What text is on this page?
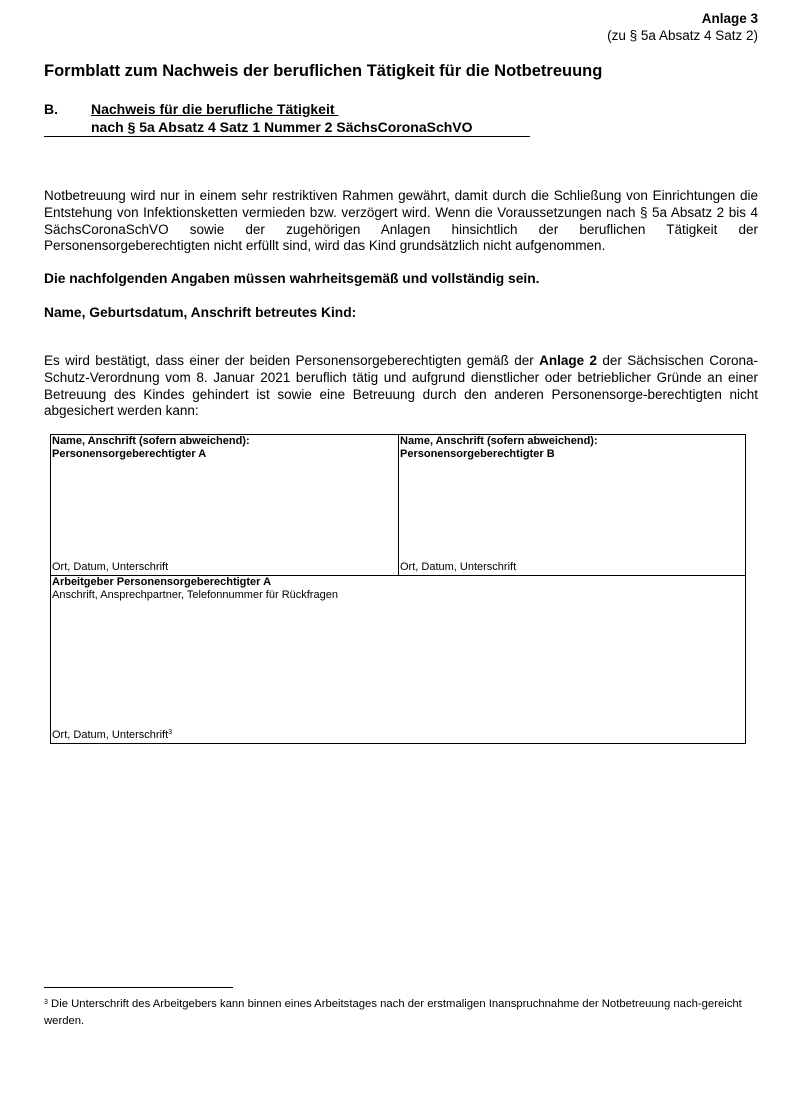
Anlage 3
(zu § 5a Absatz 4 Satz 2)
Formblatt zum Nachweis der beruflichen Tätigkeit für die Notbetreuung
B. Nachweis für die berufliche Tätigkeit
nach § 5a Absatz 4 Satz 1 Nummer 2 SächsCoronaSchVO
Notbetreuung wird nur in einem sehr restriktiven Rahmen gewährt, damit durch die Schließung von Einrichtungen die Entstehung von Infektionsketten vermieden bzw. verzögert wird. Wenn die Voraussetzungen nach § 5a Absatz 2 bis 4 SächsCoronaSchVO sowie der zugehörigen Anlagen hinsichtlich der beruflichen Tätigkeit der Personensorgeberechtigten nicht erfüllt sind, wird das Kind grundsätzlich nicht aufgenommen.
Die nachfolgenden Angaben müssen wahrheitsgemäß und vollständig sein.
Name, Geburtsdatum, Anschrift betreutes Kind:
Es wird bestätigt, dass einer der beiden Personensorgeberechtigten gemäß der Anlage 2 der Sächsischen Corona-Schutz-Verordnung vom 8. Januar 2021 beruflich tätig und aufgrund dienstlicher oder betrieblicher Gründe an einer Betreuung des Kindes gehindert ist sowie eine Betreuung durch den anderen Personensorge-berechtigten nicht abgesichert werden kann:
Name, Anschrift (sofern abweichend):
Personensorgeberechtigter A
Ort, Datum, Unterschrift
Name, Anschrift (sofern abweichend):
Personensorgeberechtigter B
Ort, Datum, Unterschrift
Arbeitgeber Personensorgeberechtigter A
Anschrift, Ansprechpartner, Telefonnummer für Rückfragen
Ort, Datum, Unterschrift$^3$
$^3$ Die Unterschrift des Arbeitgebers kann binnen eines Arbeitstages nach der erstmaligen Inanspruchnahme der Notbetreuung nach-gereicht werden.
